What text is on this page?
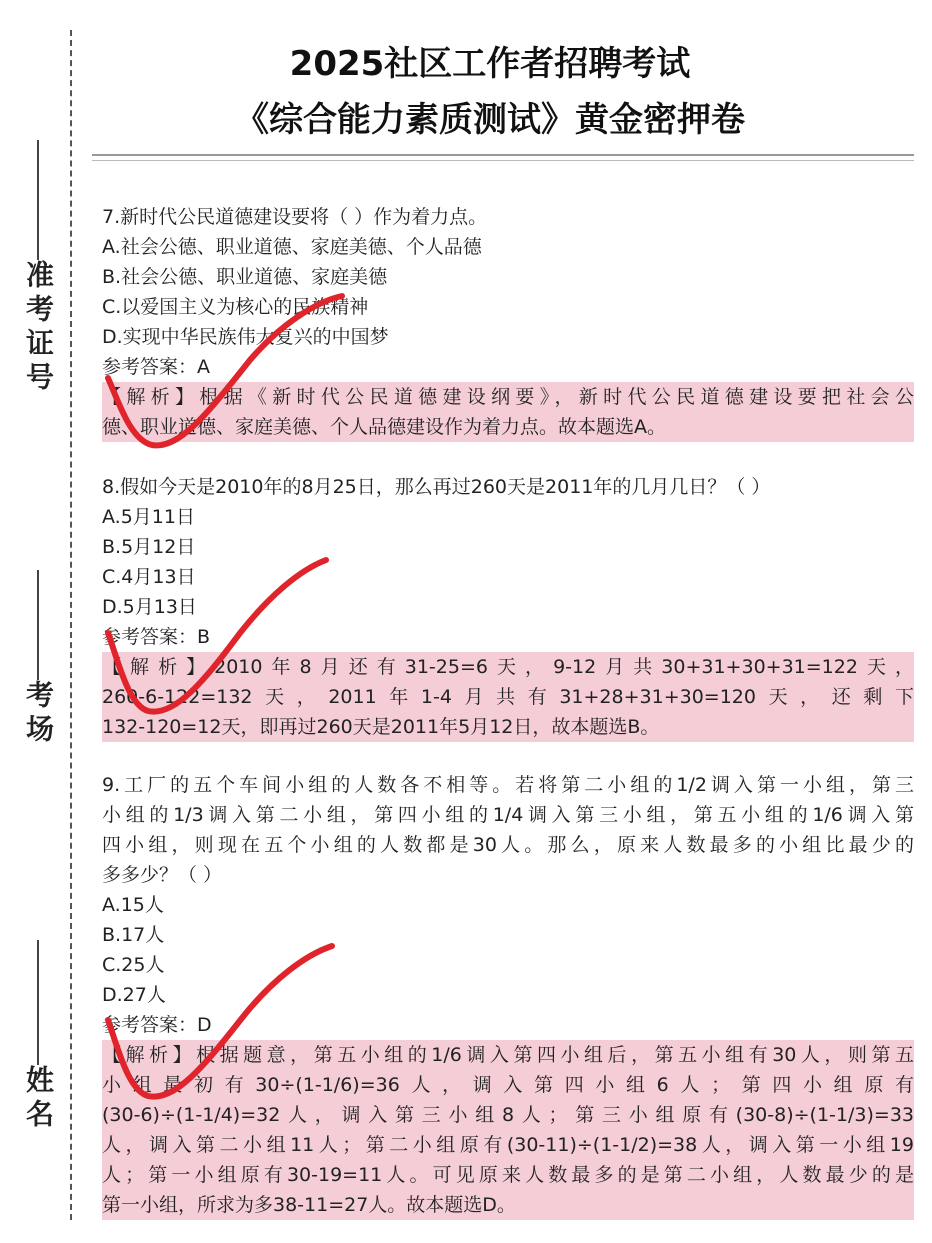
准考证号
考场
姓名
2025社区工作者招聘考试
《综合能力素质测试》黄金密押卷
7.新时代公民道德建设要将（ ）作为着力点。
A.社会公德、职业道德、家庭美德、个人品德
B.社会公德、职业道德、家庭美德
C.以爱国主义为核心的民族精神
D.实现中华民族伟大复兴的中国梦
参考答案：A
【解析】根据《新时代公民道德建设纲要》，新时代公民道德建设要把社会公
德、职业道德、家庭美德、个人品德建设作为着力点。故本题选A。
8.假如今天是2010年的8月25日，那么再过260天是2011年的几月几日？（ ）
A.5月11日
B.5月12日
C.4月13日
D.5月13日
参考答案：B
【解析】2010年8月还有31-25=6天，9-12月共30+31+30+31=122天，
260-6-122=132天，2011年1-4月共有31+28+31+30=120天，还剩下
132-120=12天，即再过260天是2011年5月12日，故本题选B。
9.工厂的五个车间小组的人数各不相等。若将第二小组的1/2调入第一小组，第三
小组的1/3调入第二小组，第四小组的1/4调入第三小组，第五小组的1/6调入第
四小组，则现在五个小组的人数都是30人。那么，原来人数最多的小组比最少的
多多少？（ ）
A.15人
B.17人
C.25人
D.27人
参考答案：D
【解析】根据题意，第五小组的1/6调入第四小组后，第五小组有30人，则第五
小组最初有30÷(1-1/6)=36人，调入第四小组6人；第四小组原有
(30-6)÷(1-1/4)=32人，调入第三小组8人；第三小组原有(30-8)÷(1-1/3)=33
人，调入第二小组11人；第二小组原有(30-11)÷(1-1/2)=38人，调入第一小组19
人；第一小组原有30-19=11人。可见原来人数最多的是第二小组，人数最少的是
第一小组，所求为多38-11=27人。故本题选D。
